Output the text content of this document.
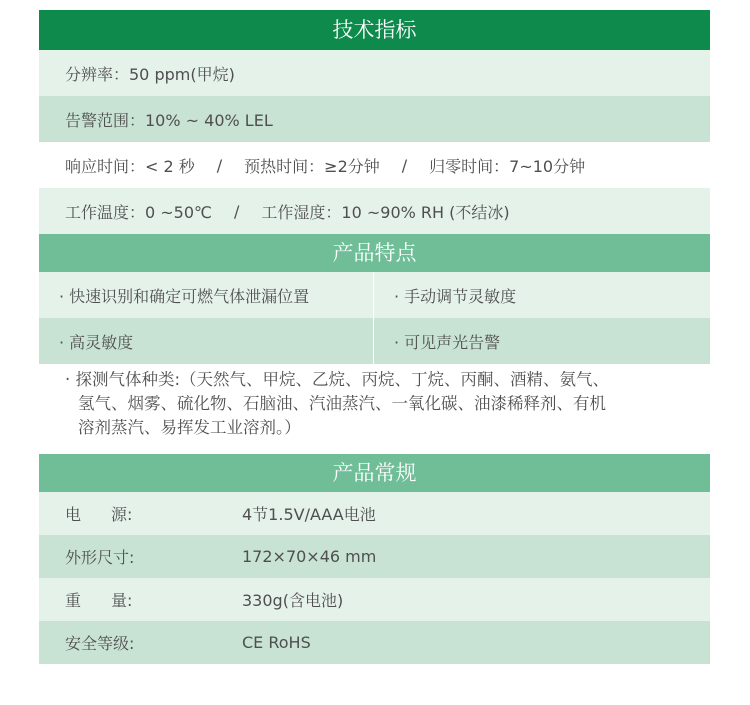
技术指标
分辨率：50 ppm(甲烷)
告警范围：10% ~ 40% LEL
响应时间：< 2 秒 / 预热时间：≥2分钟 / 归零时间：7~10分钟
工作温度：0 ~50℃ / 工作湿度：10 ~90% RH (不结冰)
产品特点
· 快速识别和确定可燃气体泄漏位置	· 手动调节灵敏度
· 高灵敏度	· 可见声光告警
· 探测气体种类:（天然气、甲烷、乙烷、丙烷、丁烷、丙酮、酒精、氨气、
氢气、烟雾、硫化物、石脑油、汽油蒸汽、一氧化碳、油漆稀释剂、有机
溶剂蒸汽、易挥发工业溶剂。）
产品常规
电 源:	4节1.5V/AAA电池
外形尺寸:	172×70×46 mm
重 量:	330g(含电池)
安全等级:	CE RoHS
